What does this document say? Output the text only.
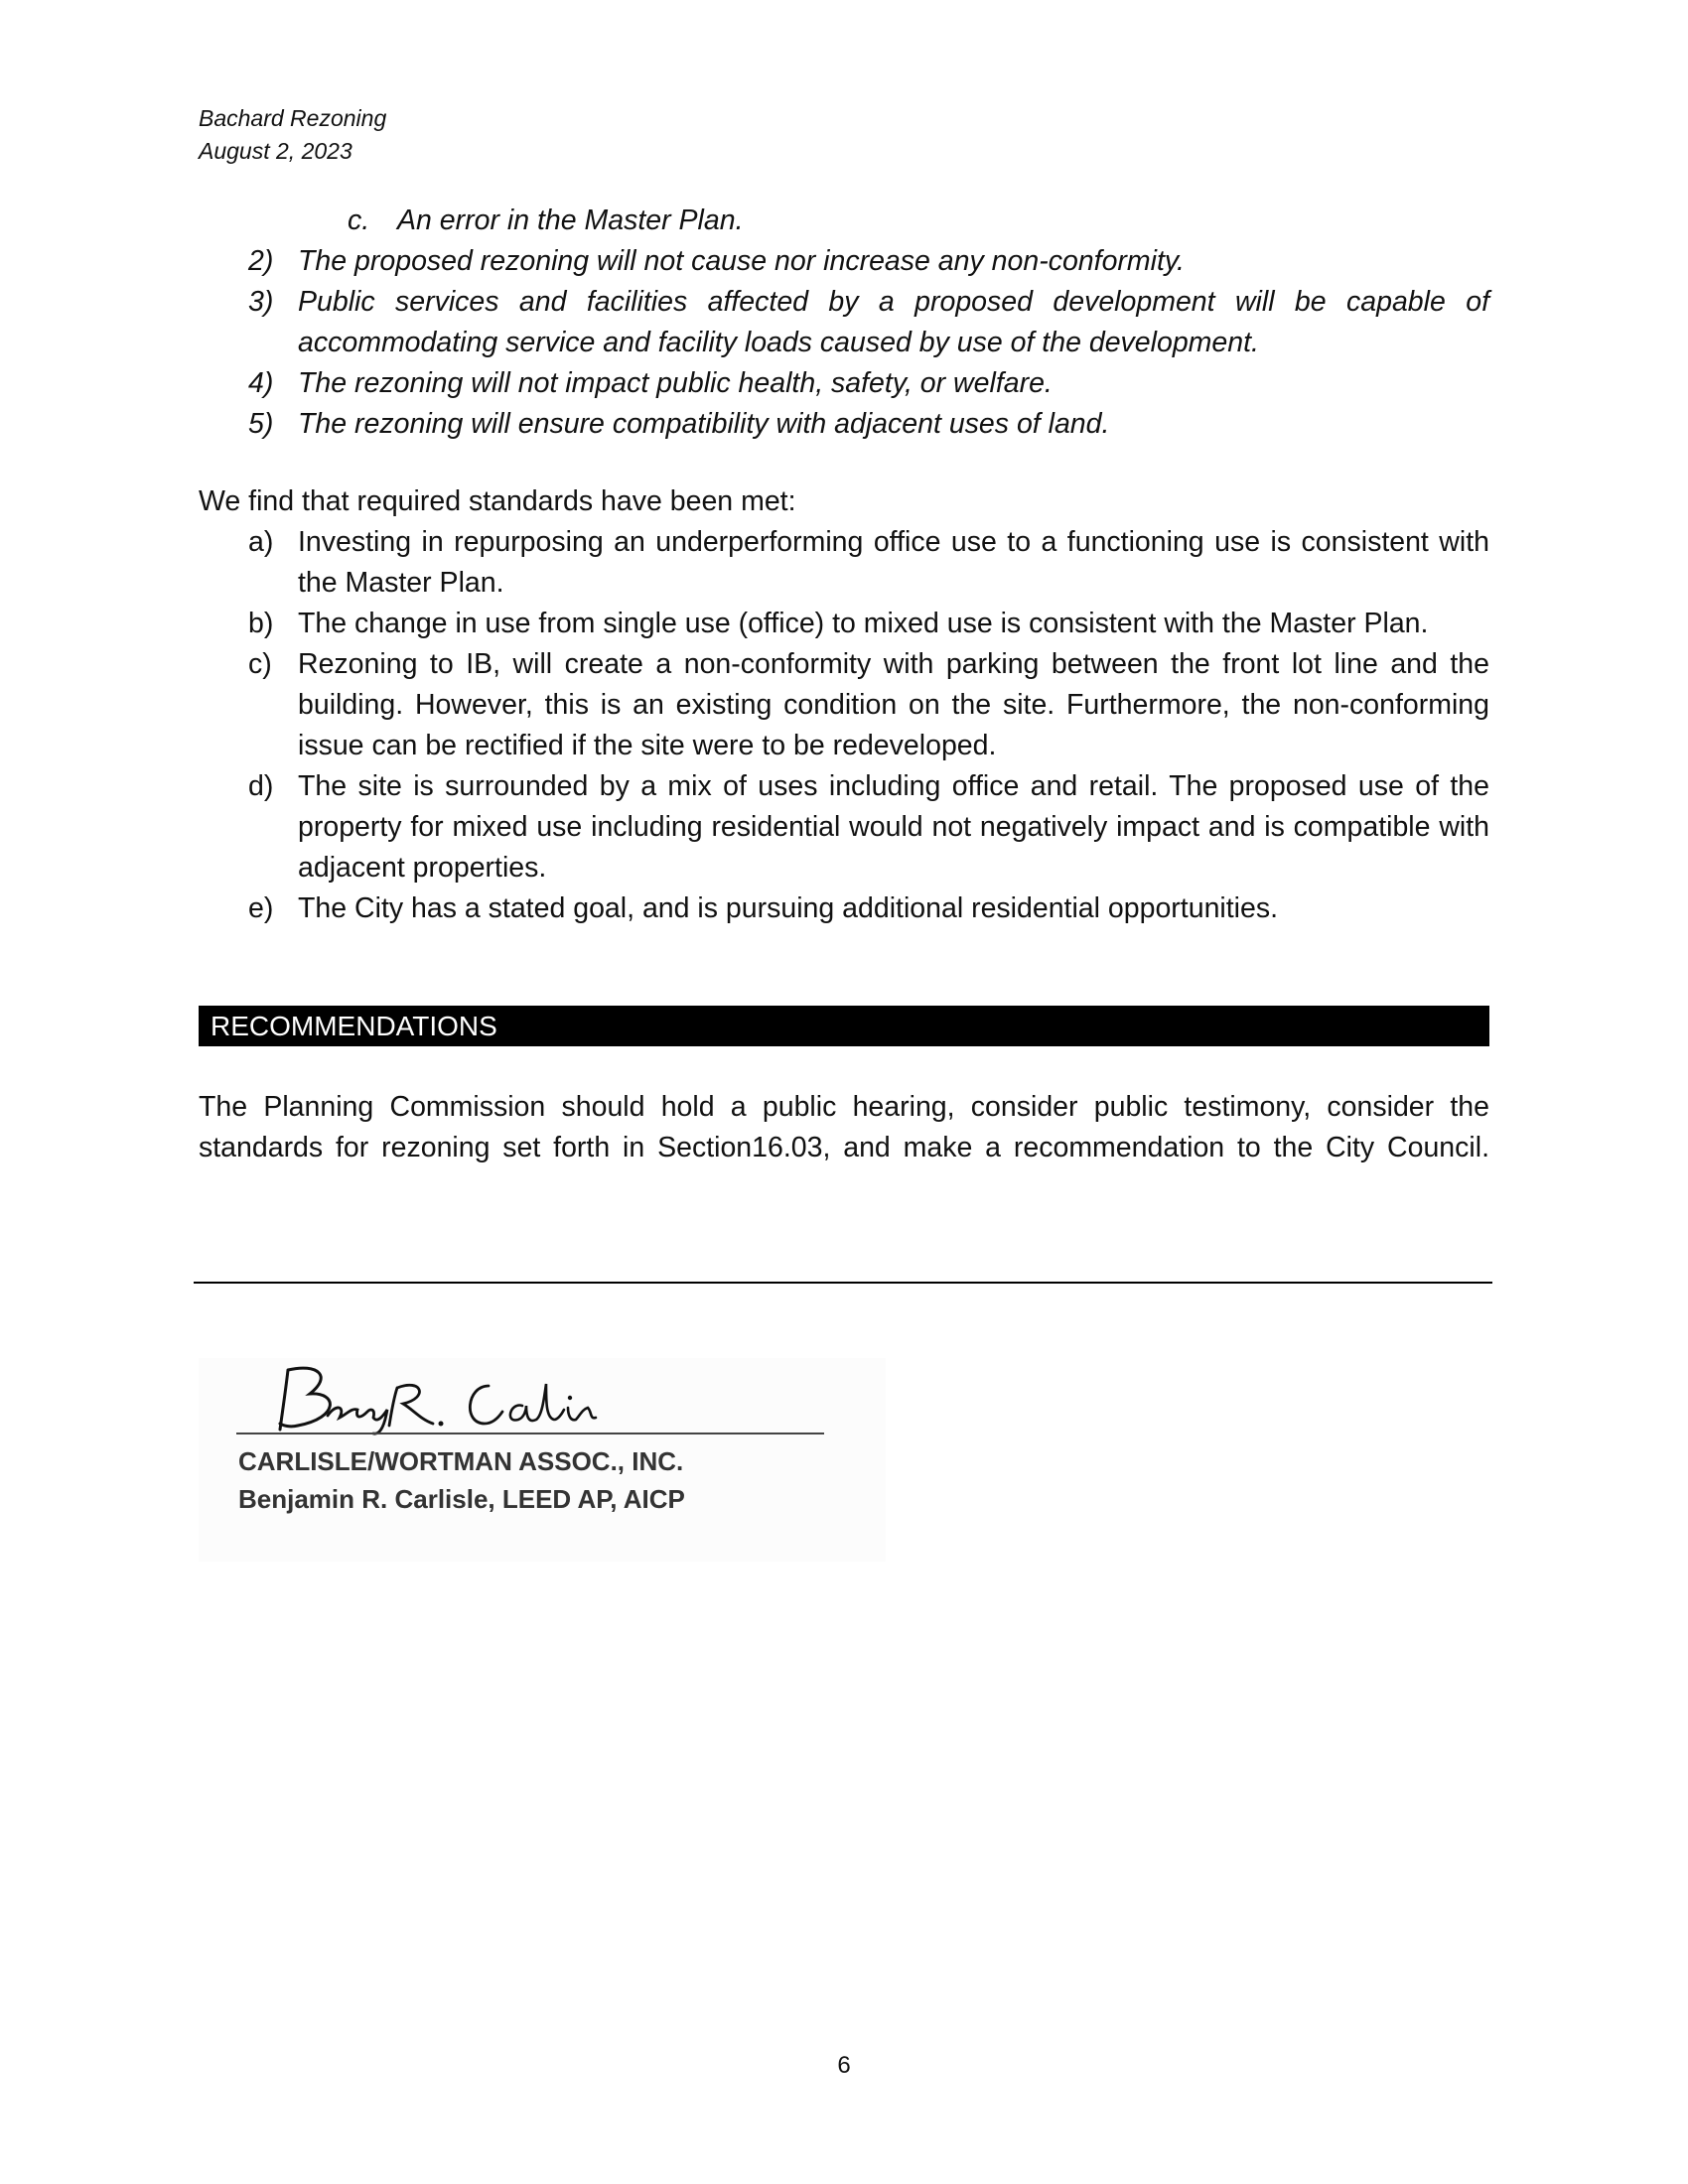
Bachard Rezoning
August 2, 2023
c. An error in the Master Plan.
2) The proposed rezoning will not cause nor increase any non-conformity.
3) Public services and facilities affected by a proposed development will be capable of accommodating service and facility loads caused by use of the development.
4) The rezoning will not impact public health, safety, or welfare.
5) The rezoning will ensure compatibility with adjacent uses of land.
We find that required standards have been met:
a) Investing in repurposing an underperforming office use to a functioning use is consistent with the Master Plan.
b) The change in use from single use (office) to mixed use is consistent with the Master Plan.
c) Rezoning to IB, will create a non-conformity with parking between the front lot line and the building. However, this is an existing condition on the site. Furthermore, the non-conforming issue can be rectified if the site were to be redeveloped.
d) The site is surrounded by a mix of uses including office and retail. The proposed use of the property for mixed use including residential would not negatively impact and is compatible with adjacent properties.
e) The City has a stated goal, and is pursuing additional residential opportunities.
RECOMMENDATIONS
The Planning Commission should hold a public hearing, consider public testimony, consider the standards for rezoning set forth in Section16.03, and make a recommendation to the City Council.
CARLISLE/WORTMAN ASSOC., INC.
Benjamin R. Carlisle, LEED AP, AICP
6
